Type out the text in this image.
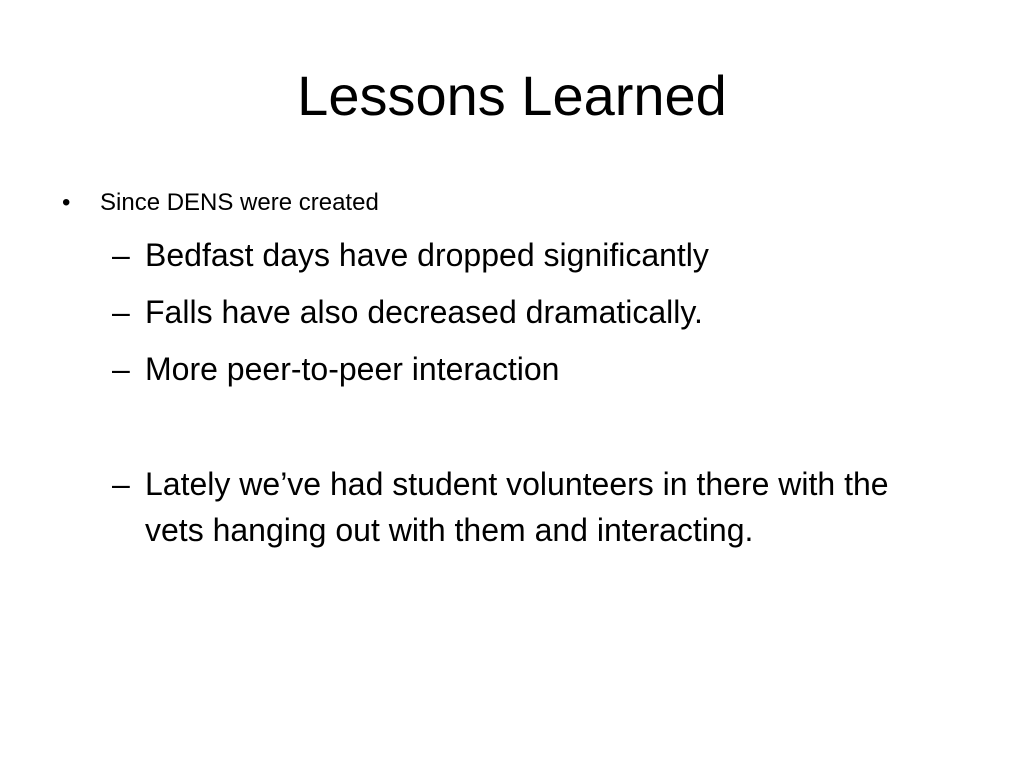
Lessons Learned
•	Since DENS were created
– Bedfast days have dropped significantly
– Falls have also decreased dramatically.
– More peer-to-peer interaction
– Lately we’ve had student volunteers in there with the vets hanging out with them and interacting.
